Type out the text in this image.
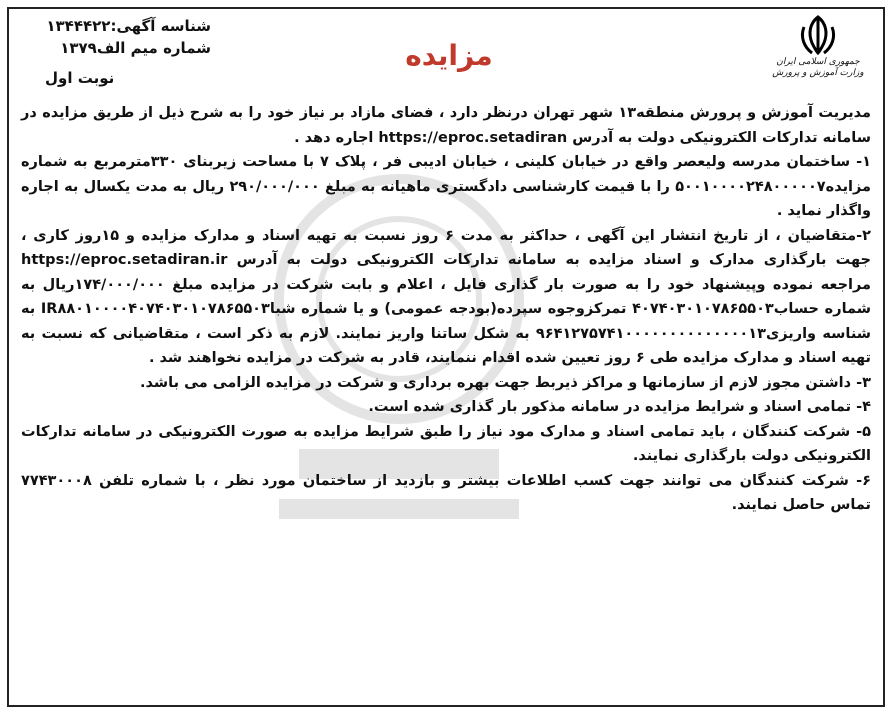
شناسه آگهی:۱۳۴۴۴۲۲
شماره میم الف۱۳۷۹
نوبت اول
مزایده	جمهوری اسلامی ایران
وزارت آموزش و پرورش

مدیریت آموزش و پرورش منطقه۱۳ شهر تهران درنظر دارد ، فضای مازاد بر نیاز خود را به شرح ذیل از طریق مزایده در سامانه تدارکات الکترونیکی دولت به آدرس https://eproc.setadiran اجاره دهد .

۱- ساختمان مدرسه ولیعصر واقع در خیابان کلینی ، خیابان ادیبی فر ، پلاک ۷ با مساحت زیربنای ۳۳۰مترمربع به شماره مزایده۵۰۰۱۰۰۰۰۲۴۸۰۰۰۰۰۷ را با قیمت کارشناسی دادگستری ماهیانه به مبلغ ۲۹۰/۰۰۰/۰۰۰ ریال به مدت یکسال به اجاره واگذار نماید .

۲-متقاضیان ، از تاریخ انتشار این آگهی ، حداکثر به مدت ۶ روز نسبت به تهیه اسناد و مدارک مزایده و ۱۵روز کاری ، جهت بارگذاری مدارک و اسناد مزایده به سامانه تدارکات الکترونیکی دولت به آدرس https://eproc.setadiran.ir مراجعه نموده وپیشنهاد خود را به صورت بار گذاری فایل ، اعلام و بابت شرکت در مزایده مبلغ ۱۷۴/۰۰۰/۰۰۰ریال به شماره حساب۴۰۷۴۰۳۰۱۰۷۸۶۵۵۰۳ تمرکزوجوه سپرده(بودجه عمومی) و یا شماره شباIR۸۸۰۱۰۰۰۰۴۰۷۴۰۳۰۱۰۷۸۶۵۵۰۳ به شناسه واریزی۹۶۴۱۲۷۵۷۴۱۰۰۰۰۰۰۰۰۰۰۰۰۰۰۱۳ به شکل ساتنا واریز نمایند. لازم به ذکر است ، متقاضیانی که نسبت به تهیه اسناد و مدارک مزایده طی ۶ روز تعیین شده اقدام ننمایند، قادر به شرکت در مزایده نخواهند شد .

۳- داشتن مجوز لازم از سازمانها و مراکز ذیربط جهت بهره برداری و شرکت در مزایده الزامی می باشد.

۴- تمامی اسناد و شرایط مزایده در سامانه مذکور بار گذاری شده است.

۵- شرکت کنندگان ، باید تمامی اسناد و مدارک مود نیاز را طبق شرایط مزایده به صورت الکترونیکی در سامانه تدارکات الکترونیکی دولت بارگذاری نمایند.

۶- شرکت کنندگان می توانند جهت کسب اطلاعات بیشتر و بازدید از ساختمان مورد نظر ، با شماره تلفن ۷۷۴۳۰۰۰۸ تماس حاصل نمایند.
